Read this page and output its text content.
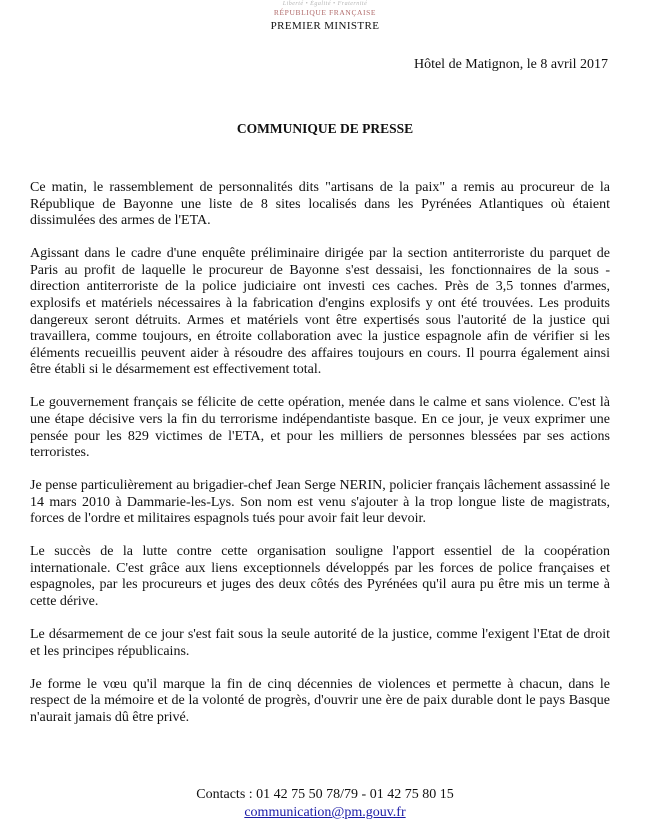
Liberté • Égalité • Fraternité
RÉPUBLIQUE FRANÇAISE
PREMIER MINISTRE
Hôtel de Matignon, le 8 avril 2017
COMMUNIQUE DE PRESSE

Ce matin, le rassemblement de personnalités dits "artisans de la paix" a remis au procureur de la République de Bayonne une liste de 8 sites localisés dans les Pyrénées Atlantiques où étaient dissimulées des armes de l'ETA.

Agissant dans le cadre d'une enquête préliminaire dirigée par la section antiterroriste du parquet de Paris au profit de laquelle le procureur de Bayonne s'est dessaisi, les fonctionnaires de la sous - direction antiterroriste de la police judiciaire ont investi ces caches. Près de 3,5 tonnes d'armes, explosifs et matériels nécessaires à la fabrication d'engins explosifs y ont été trouvées. Les produits dangereux seront détruits. Armes et matériels vont être expertisés sous l'autorité de la justice qui travaillera, comme toujours, en étroite collaboration avec la justice espagnole afin de vérifier si les éléments recueillis peuvent aider à résoudre des affaires toujours en cours. Il pourra également ainsi être établi si le désarmement est effectivement total.

Le gouvernement français se félicite de cette opération, menée dans le calme et sans violence. C'est là une étape décisive vers la fin du terrorisme indépendantiste basque. En ce jour, je veux exprimer une pensée pour les 829 victimes de l'ETA, et pour les milliers de personnes blessées par ses actions terroristes.

Je pense particulièrement au brigadier-chef Jean Serge NERIN, policier français lâchement assassiné le 14 mars 2010 à Dammarie-les-Lys. Son nom est venu s'ajouter à la trop longue liste de magistrats, forces de l'ordre et militaires espagnols tués pour avoir fait leur devoir.

Le succès de la lutte contre cette organisation souligne l'apport essentiel de la coopération internationale. C'est grâce aux liens exceptionnels développés par les forces de police françaises et espagnoles, par les procureurs et juges des deux côtés des Pyrénées qu'il aura pu être mis un terme à cette dérive.

Le désarmement de ce jour s'est fait sous la seule autorité de la justice, comme l'exigent l'Etat de droit et les principes républicains.

Je forme le vœu qu'il marque la fin de cinq décennies de violences et permette à chacun, dans le respect de la mémoire et de la volonté de progrès, d'ouvrir une ère de paix durable dont le pays Basque n'aurait jamais dû être privé.

Contacts : 01 42 75 50 78/79 - 01 42 75 80 15
communication@pm.gouv.fr
